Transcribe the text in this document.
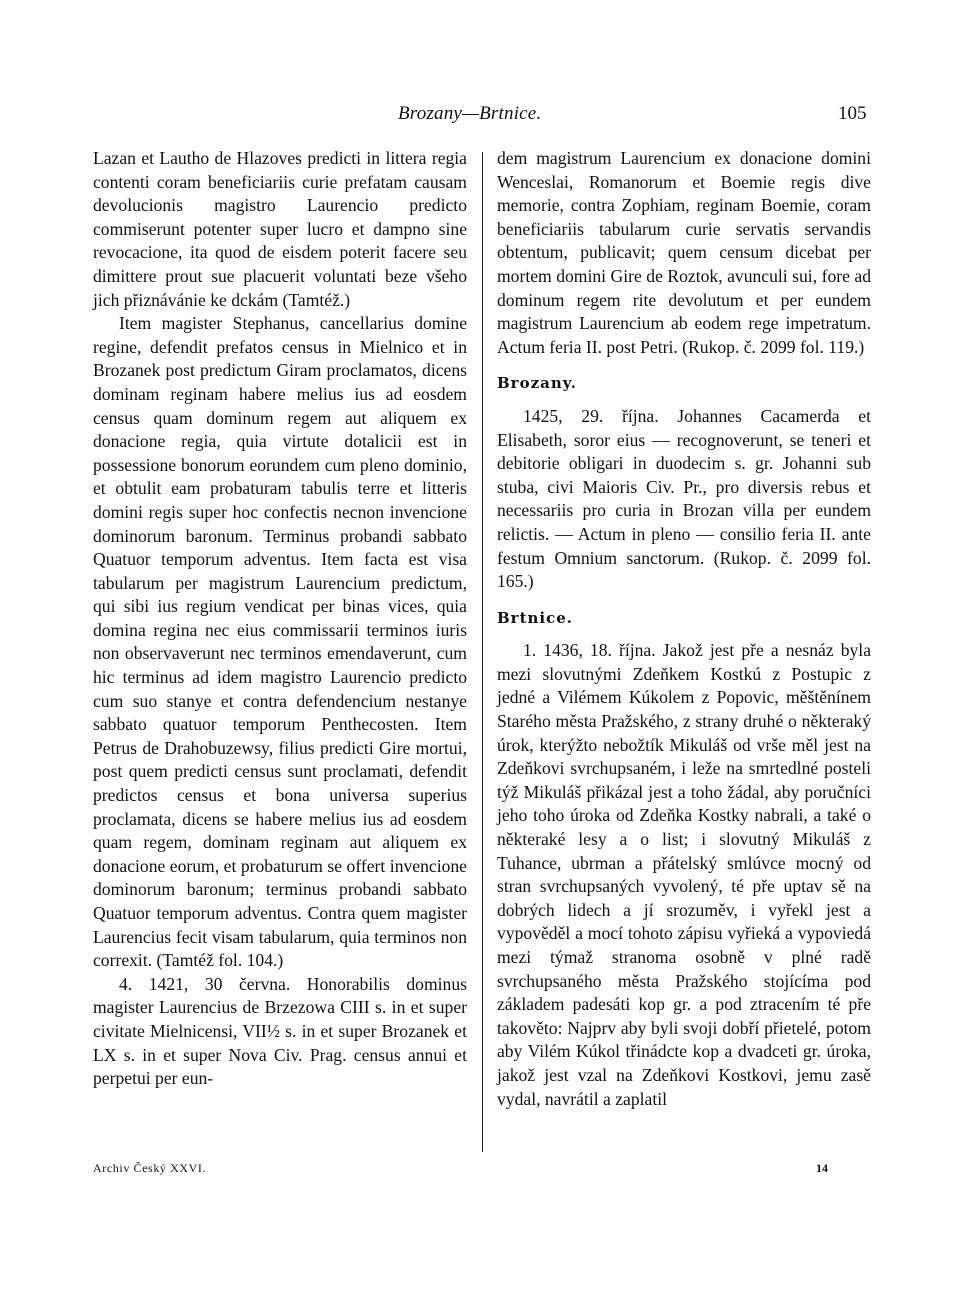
Brozany—Brtnice.	105

Lazan et Lautho de Hlazoves predicti in littera regia contenti coram beneficiariis curie prefatam causam devolucionis magistro Laurencio predicto commiserunt potenter super lucro et dampno sine revocacione, ita quod de eisdem poterit facere seu dimittere prout sue placuerit voluntati beze všeho jich přiznávánie ke dckám (Tamtéž.)

Item magister Stephanus, cancellarius domine regine, defendit prefatos census in Mielnico et in Brozanek post predictum Giram proclamatos, dicens dominam reginam habere melius ius ad eosdem census quam dominum regem aut aliquem ex donacione regia, quia virtute dotalicii est in possessione bonorum eorundem cum pleno dominio, et obtulit eam probaturam tabulis terre et litteris domini regis super hoc confectis necnon invencione dominorum baronum. Terminus probandi sabbato Quatuor temporum adventus. Item facta est visa tabularum per magistrum Laurencium predictum, qui sibi ius regium vendicat per binas vices, quia domina regina nec eius commissarii terminos iuris non observaverunt nec terminos emendaverunt, cum hic terminus ad idem magistro Laurencio predicto cum suo stanye et contra defendencium nestanye sabbato quatuor temporum Penthecosten. Item Petrus de Drahobuzewsy, filius predicti Gire mortui, post quem predicti census sunt proclamati, defendit predictos census et bona universa superius proclamata, dicens se habere melius ius ad eosdem quam regem, dominam reginam aut aliquem ex donacione eorum, et probaturum se offert invencione dominorum baronum; terminus probandi sabbato Quatuor temporum adventus. Contra quem magister Laurencius fecit visam tabularum, quia terminos non correxit. (Tamtéž fol. 104.)

4. 1421, 30 června. Honorabilis dominus magister Laurencius de Brzezowa CIII s. in et super civitate Mielnicensi, VII½ s. in et super Brozanek et LX s. in et super Nova Civ. Prag. census annui et perpetui per eun-

dem magistrum Laurencium ex donacione domini Wenceslai, Romanorum et Boemie regis dive memorie, contra Zophiam, reginam Boemie, coram beneficiariis tabularum curie servatis servandis obtentum, publicavit; quem censum dicebat per mortem domini Gire de Roztok, avunculi sui, fore ad dominum regem rite devolutum et per eundem magistrum Laurencium ab eodem rege impetratum. Actum feria II. post Petri. (Rukop. č. 2099 fol. 119.)

Brozany.

1425, 29. října. Johannes Cacamerda et Elisabeth, soror eius — recognoverunt, se teneri et debitorie obligari in duodecim s. gr. Johanni sub stuba, civi Maioris Civ. Pr., pro diversis rebus et necessariis pro curia in Brozan villa per eundem relictis. — Actum in pleno — consilio feria II. ante festum Omnium sanctorum. (Rukop. č. 2099 fol. 165.)

Brtnice.

1. 1436, 18. října. Jakož jest pře a nesnáz byla mezi slovutnými Zdeňkem Kostkú z Postupic z jedné a Vilémem Kúkolem z Popovic, měštěnínem Starého města Pražského, z strany druhé o některaký úrok, kterýžto nebožtík Mikuláš od vrše měl jest na Zdeňkovi svrchupsaném, i leže na smrtedlné posteli týž Mikuláš přikázal jest a toho žádal, aby poručníci jeho toho úroka od Zdeňka Kostky nabrali, a také o některaké lesy a o list; i slovutný Mikuláš z Tuhance, ubrman a přátelský smlúvce mocný od stran svrchupsaných vyvolený, té pře uptav sě na dobrých lidech a jí srozuměv, i vyřekl jest a vypověděl a mocí tohoto zápisu vyřieká a vypoviedá mezi týmaž stranoma osobně v plné radě svrchupsaného města Pražského stojícíma pod základem padesáti kop gr. a pod ztracením té pře takověto: Najprv aby byli svoji dobří přietelé, potom aby Vilém Kúkol třinádcte kop a dvadceti gr. úroka, jakož jest vzal na Zdeňkovi Kostkovi, jemu zasě vydal, navrátil a zaplatil

Archiv Český XXVI.	14
